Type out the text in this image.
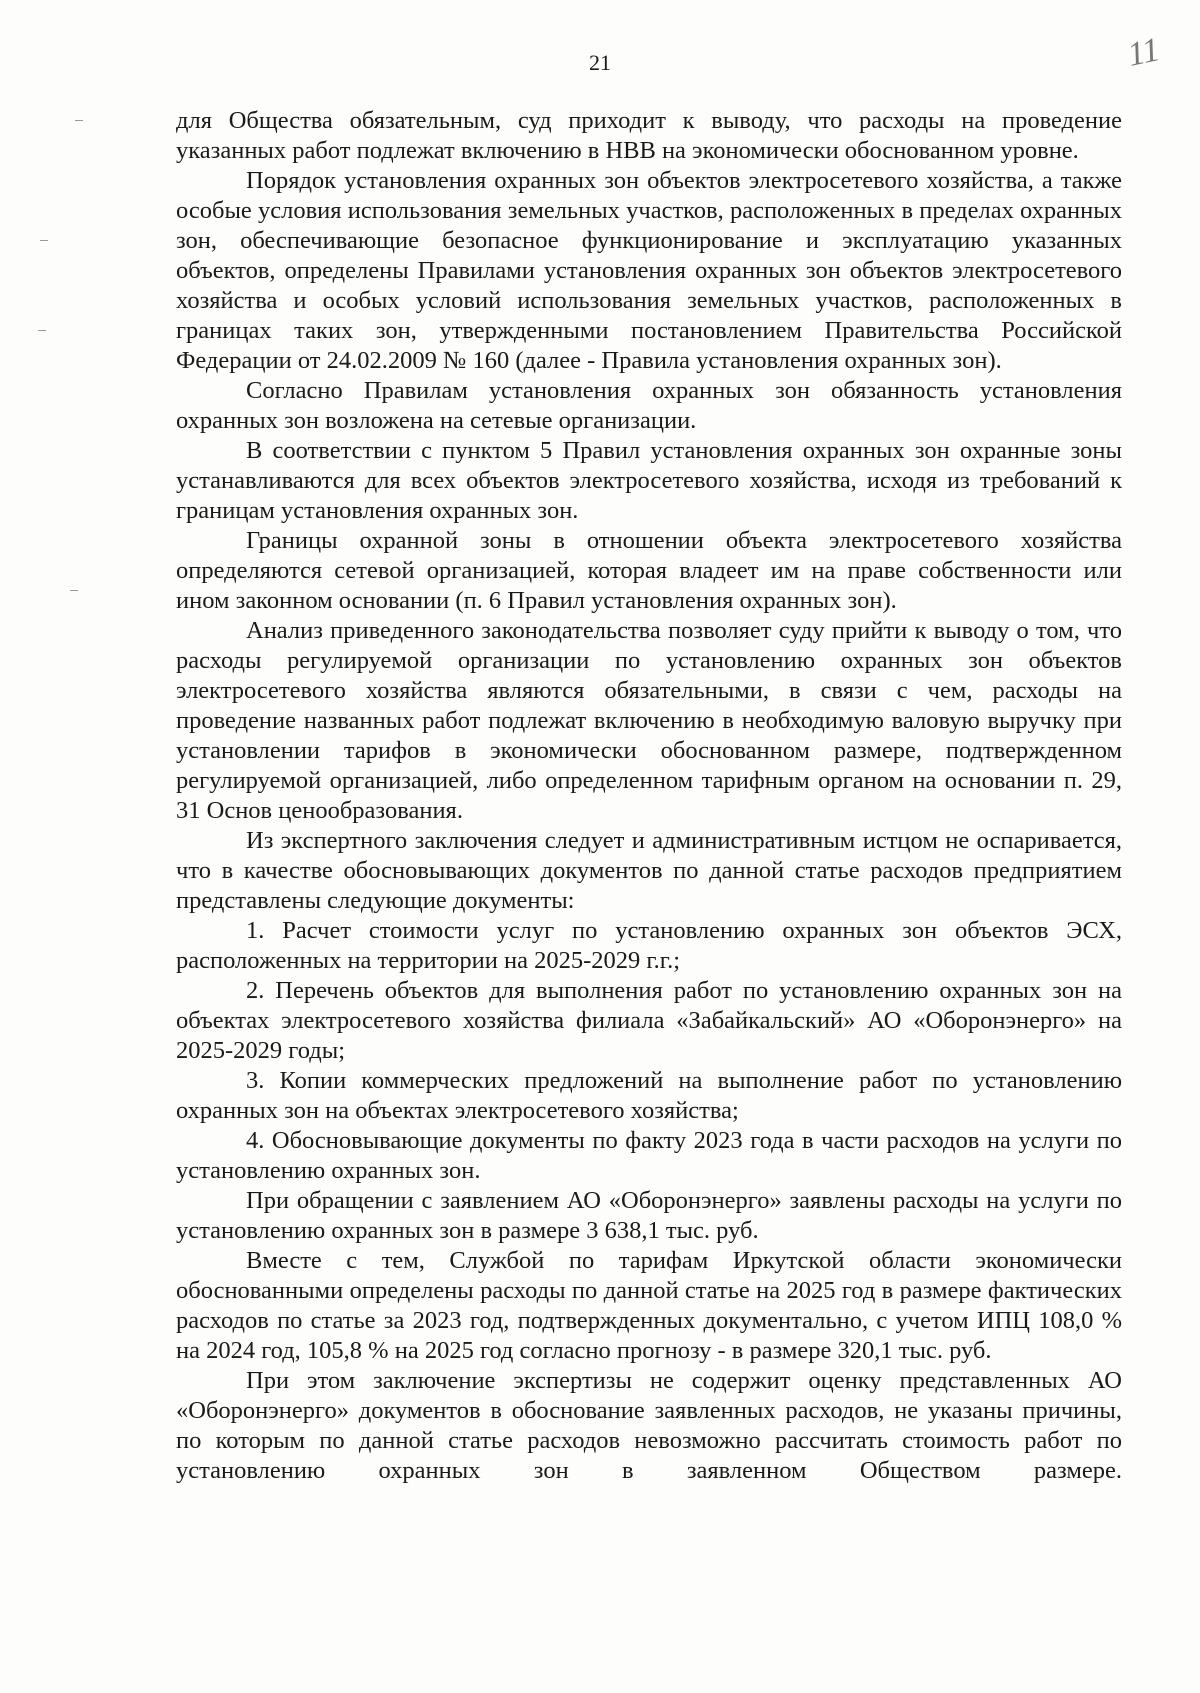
21	11

для Общества обязательным, суд приходит к выводу, что расходы на проведение указанных работ подлежат включению в НВВ на экономически обоснованном уровне.

Порядок установления охранных зон объектов электросетевого хозяйства, а также особые условия использования земельных участков, расположенных в пределах охранных зон, обеспечивающие безопасное функционирование и эксплуатацию указанных объектов, определены Правилами установления охранных зон объектов электросетевого хозяйства и особых условий использования земельных участков, расположенных в границах таких зон, утвержденными постановлением Правительства Российской Федерации от 24.02.2009 № 160 (далее - Правила установления охранных зон).

Согласно Правилам установления охранных зон обязанность установления охранных зон возложена на сетевые организации.

В соответствии с пунктом 5 Правил установления охранных зон охранные зоны устанавливаются для всех объектов электросетевого хозяйства, исходя из требований к границам установления охранных зон.

Границы охранной зоны в отношении объекта электросетевого хозяйства определяются сетевой организацией, которая владеет им на праве собственности или ином законном основании (п. 6 Правил установления охранных зон).

Анализ приведенного законодательства позволяет суду прийти к выводу о том, что расходы регулируемой организации по установлению охранных зон объектов электросетевого хозяйства являются обязательными, в связи с чем, расходы на проведение названных работ подлежат включению в необходимую валовую выручку при установлении тарифов в экономически обоснованном размере, подтвержденном регулируемой организацией, либо определенном тарифным органом на основании п. 29, 31 Основ ценообразования.

Из экспертного заключения следует и административным истцом не оспаривается, что в качестве обосновывающих документов по данной статье расходов предприятием представлены следующие документы:

1. Расчет стоимости услуг по установлению охранных зон объектов ЭСХ, расположенных на территории на 2025-2029 г.г.;

2. Перечень объектов для выполнения работ по установлению охранных зон на объектах электросетевого хозяйства филиала «Забайкальский» АО «Оборонэнерго» на 2025-2029 годы;

3. Копии коммерческих предложений на выполнение работ по установлению охранных зон на объектах электросетевого хозяйства;

4. Обосновывающие документы по факту 2023 года в части расходов на услуги по установлению охранных зон.

При обращении с заявлением АО «Оборонэнерго» заявлены расходы на услуги по установлению охранных зон в размере 3 638,1 тыс. руб.

Вместе с тем, Службой по тарифам Иркутской области экономически обоснованными определены расходы по данной статье на 2025 год в размере фактических расходов по статье за 2023 год, подтвержденных документально, с учетом ИПЦ 108,0 % на 2024 год, 105,8 % на 2025 год согласно прогнозу - в размере 320,1 тыс. руб.

При этом заключение экспертизы не содержит оценку представленных АО «Оборонэнерго» документов в обоснование заявленных расходов, не указаны причины, по которым по данной статье расходов невозможно рассчитать стоимость работ по установлению охранных зон в заявленном Обществом размере.
